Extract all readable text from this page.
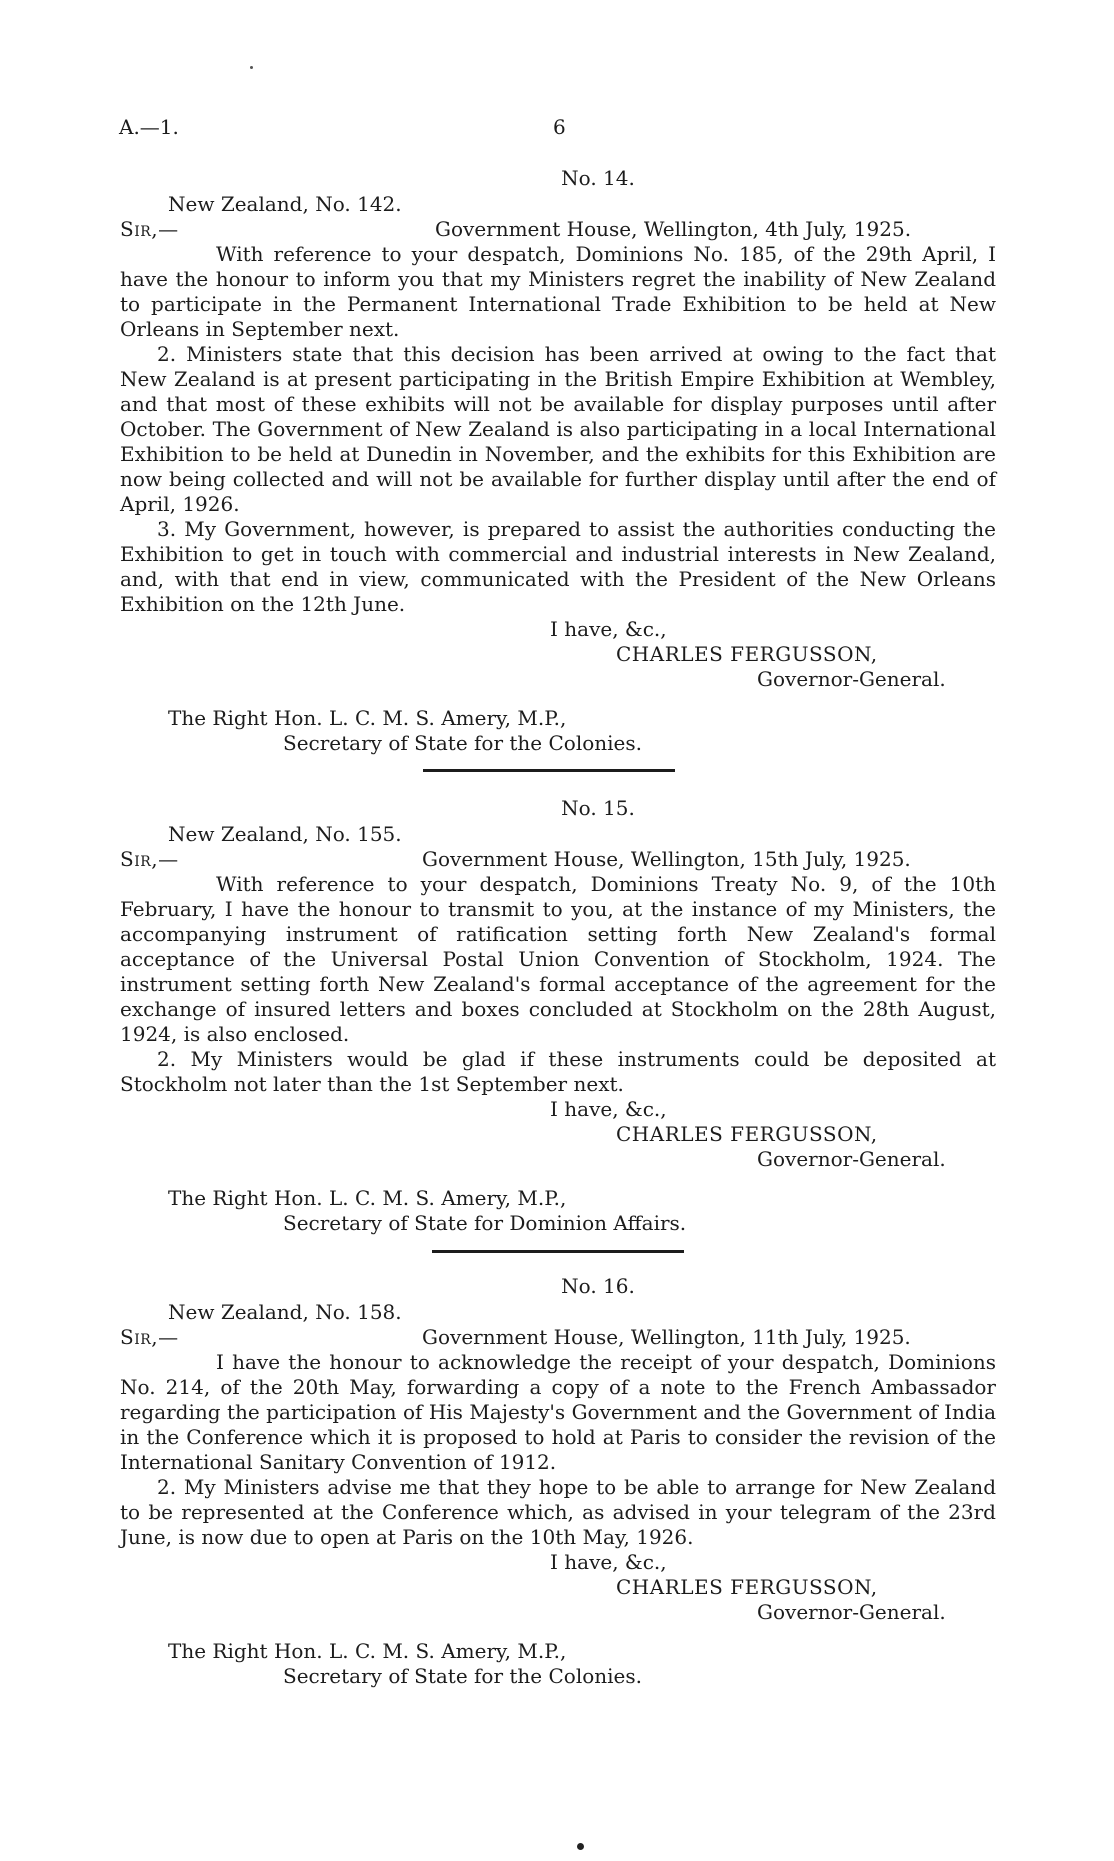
A.—1.	6
No. 14.
New Zealand, No. 142.
Sir,—	Government House, Wellington, 4th July, 1925.

With reference to your despatch, Dominions No. 185, of the 29th April, I have the honour to inform you that my Ministers regret the inability of New Zealand to participate in the Permanent International Trade Exhibition to be held at New Orleans in September next.

2. Ministers state that this decision has been arrived at owing to the fact that New Zealand is at present participating in the British Empire Exhibition at Wembley, and that most of these exhibits will not be available for display purposes until after October. The Government of New Zealand is also participating in a local International Exhibition to be held at Dunedin in November, and the exhibits for this Exhibition are now being collected and will not be available for further display until after the end of April, 1926.

3. My Government, however, is prepared to assist the authorities conducting the Exhibition to get in touch with commercial and industrial interests in New Zealand, and, with that end in view, communicated with the President of the New Orleans Exhibition on the 12th June.

I have, &c.,
CHARLES FERGUSSON,
Governor-General.
The Right Hon. L. C. M. S. Amery, M.P.,
Secretary of State for the Colonies.
No. 15.
New Zealand, No. 155.
Sir,—	Government House, Wellington, 15th July, 1925.

With reference to your despatch, Dominions Treaty No. 9, of the 10th February, I have the honour to transmit to you, at the instance of my Ministers, the accompanying instrument of ratification setting forth New Zealand's formal acceptance of the Universal Postal Union Convention of Stockholm, 1924. The instrument setting forth New Zealand's formal acceptance of the agreement for the exchange of insured letters and boxes concluded at Stockholm on the 28th August, 1924, is also enclosed.

2. My Ministers would be glad if these instruments could be deposited at Stockholm not later than the 1st September next.

I have, &c.,
CHARLES FERGUSSON,
Governor-General.
The Right Hon. L. C. M. S. Amery, M.P.,
Secretary of State for Dominion Affairs.
No. 16.
New Zealand, No. 158.
Sir,—	Government House, Wellington, 11th July, 1925.

I have the honour to acknowledge the receipt of your despatch, Dominions No. 214, of the 20th May, forwarding a copy of a note to the French Ambassador regarding the participation of His Majesty's Government and the Government of India in the Conference which it is proposed to hold at Paris to consider the revision of the International Sanitary Convention of 1912.

2. My Ministers advise me that they hope to be able to arrange for New Zealand to be represented at the Conference which, as advised in your telegram of the 23rd June, is now due to open at Paris on the 10th May, 1926.

I have, &c.,
CHARLES FERGUSSON,
Governor-General.
The Right Hon. L. C. M. S. Amery, M.P.,
Secretary of State for the Colonies.
